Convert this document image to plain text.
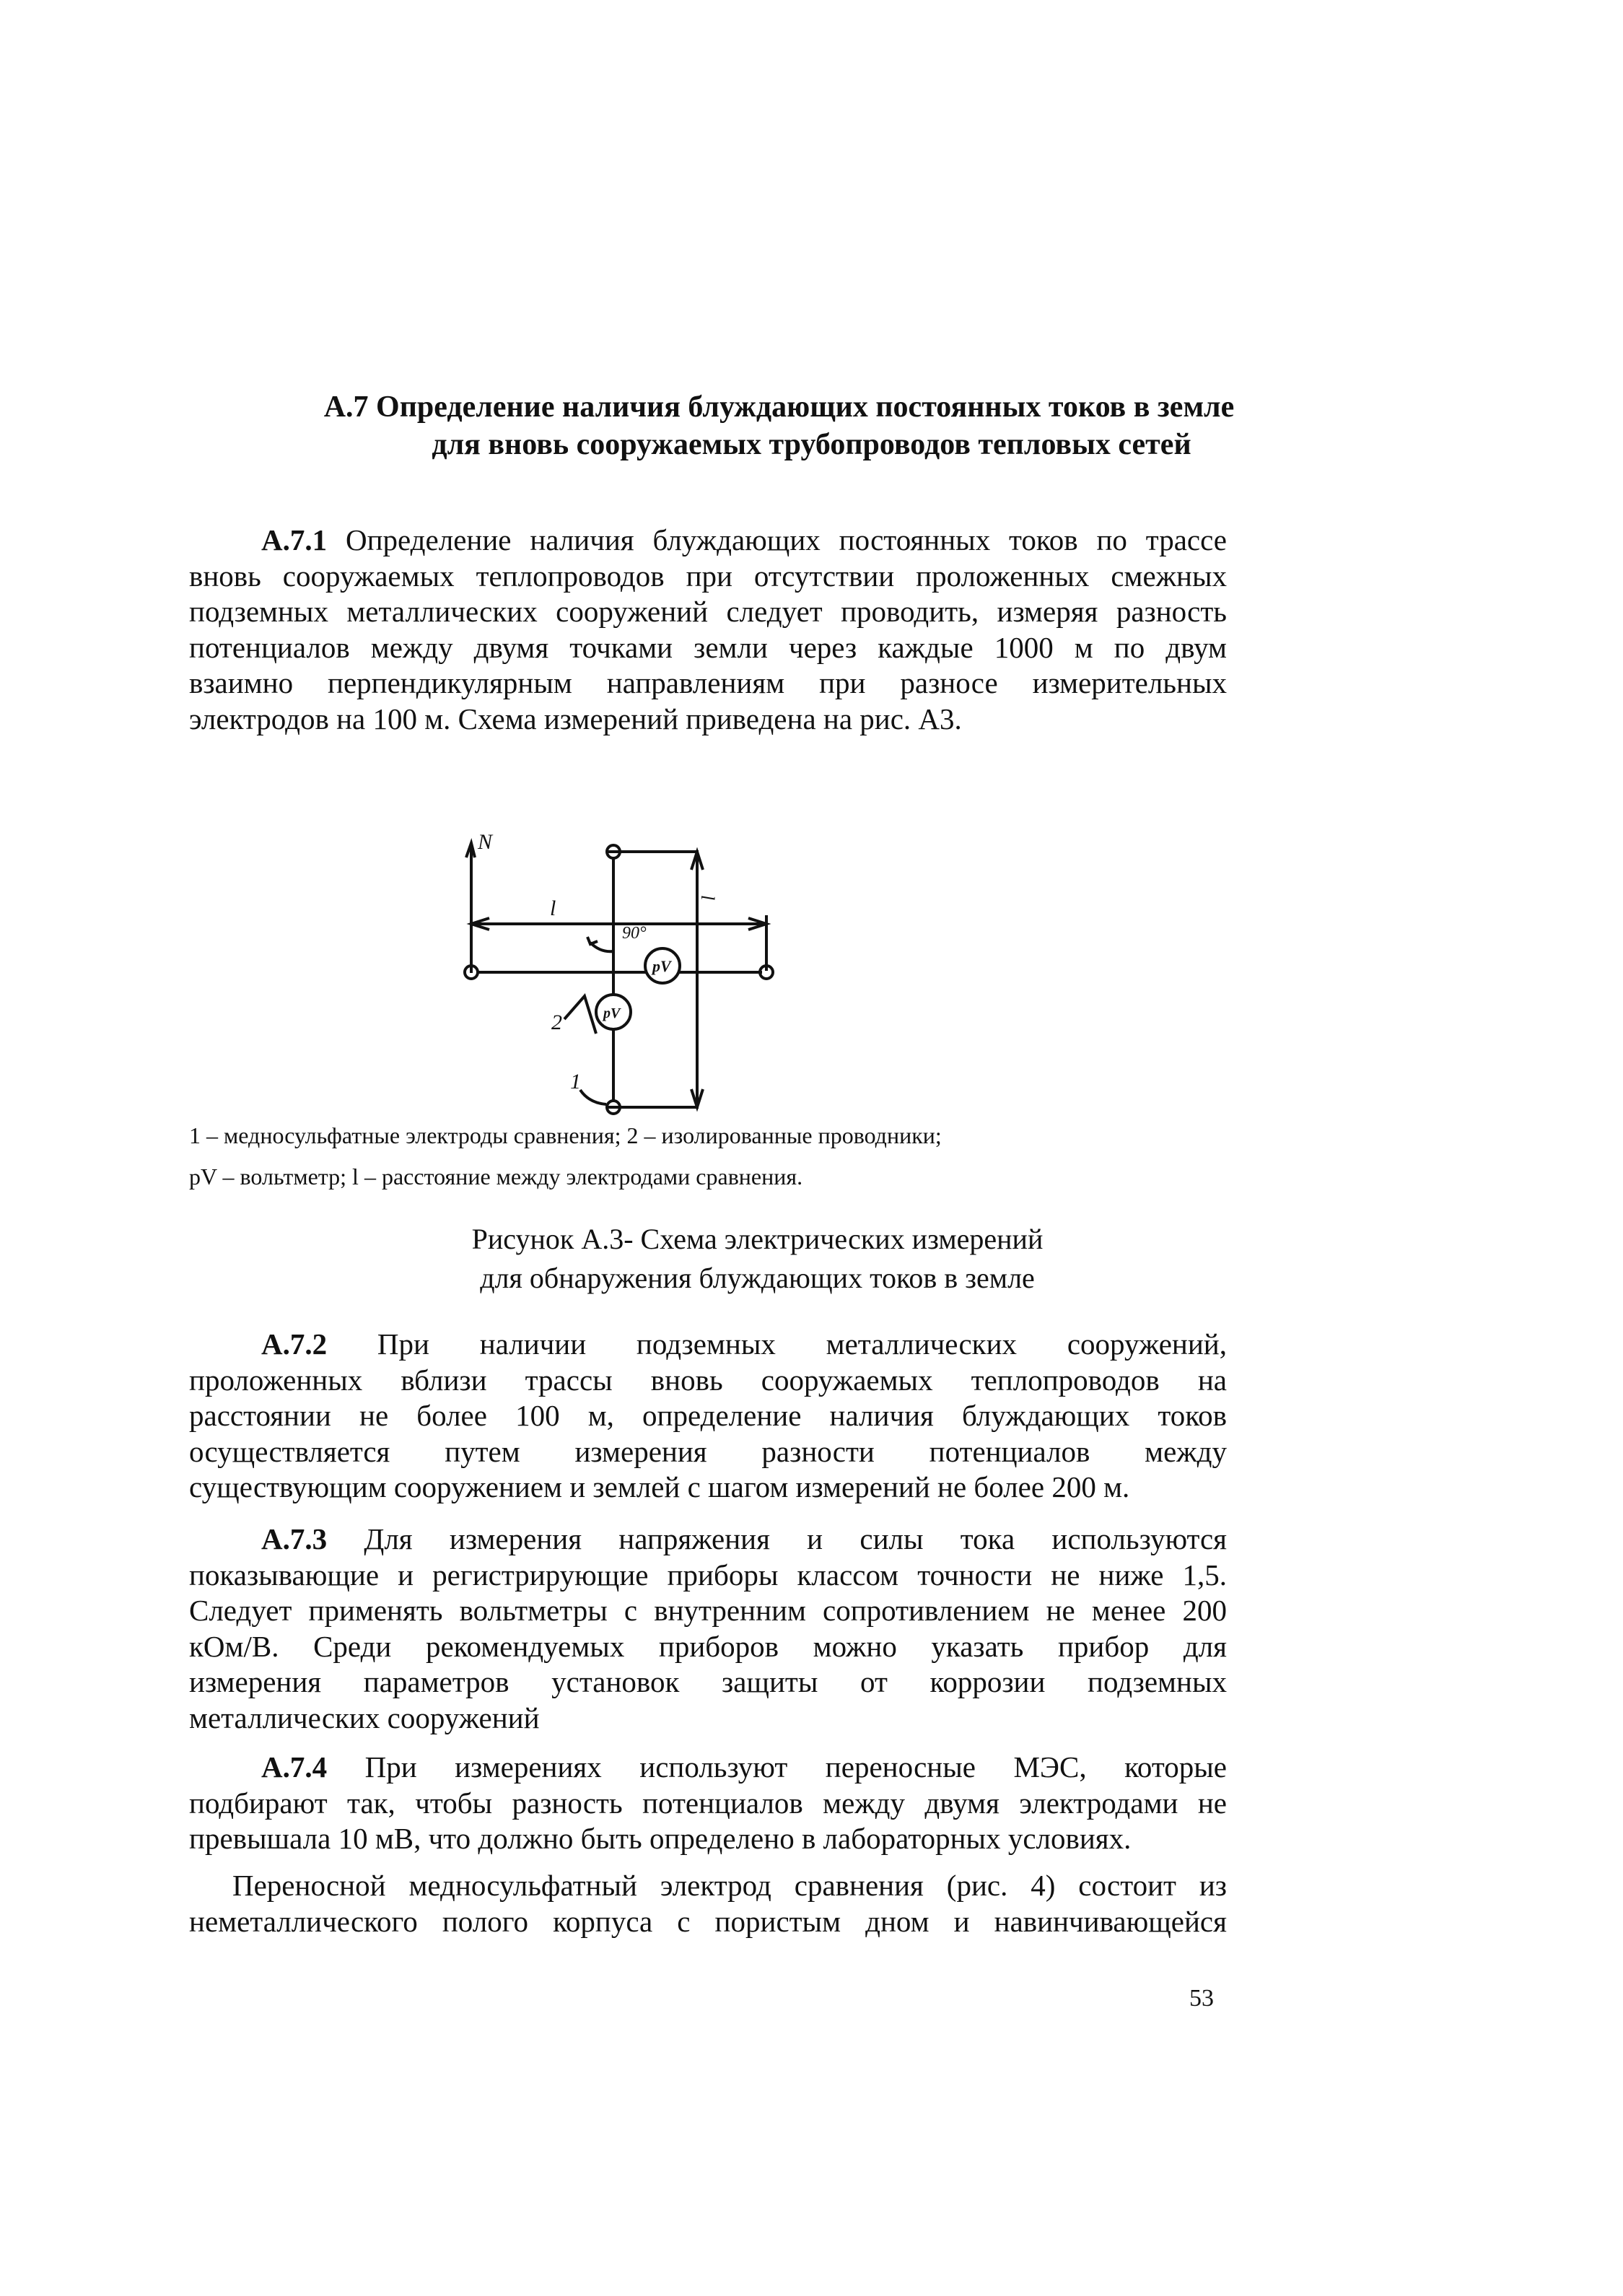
А.7 Определение наличия блуждающих постоянных токов в земле
для вновь сооружаемых трубопроводов тепловых сетей
А.7.1 Определение наличия блуждающих постоянных токов по трассе
вновь сооружаемых теплопроводов при отсутствии проложенных смежных
подземных металлических сооружений следует проводить, измеряя разность
потенциалов между двумя точками земли через каждые 1000 м по двум
взаимно перпендикулярным направлениям при разносе измерительных
электродов на 100 м. Схема измерений приведена на рис. А3.
N
l	l
90°
pV
pV
2
1
1 – медносульфатные электроды сравнения; 2 – изолированные проводники;
pV – вольтметр; l – расстояние между электродами сравнения.
Рисунок А.3- Схема электрических измерений
для обнаружения блуждающих токов в земле
А.7.2 При наличии подземных металлических сооружений,
проложенных вблизи трассы вновь сооружаемых теплопроводов на
расстоянии не более 100 м, определение наличия блуждающих токов
осуществляется путем измерения разности потенциалов между
существующим сооружением и землей с шагом измерений не более 200 м.
А.7.3 Для измерения напряжения и силы тока используются
показывающие и регистрирующие приборы классом точности не ниже 1,5.
Следует применять вольтметры с внутренним сопротивлением не менее 200
кОм/В. Среди рекомендуемых приборов можно указать прибор для
измерения параметров установок защиты от коррозии подземных
металлических сооружений
А.7.4 При измерениях используют переносные МЭС, которые
подбирают так, чтобы разность потенциалов между двумя электродами не
превышала 10 мВ, что должно быть определено в лабораторных условиях.
Переносной медносульфатный электрод сравнения (рис. 4) состоит из
неметаллического полого корпуса с пористым дном и навинчивающейся
53
